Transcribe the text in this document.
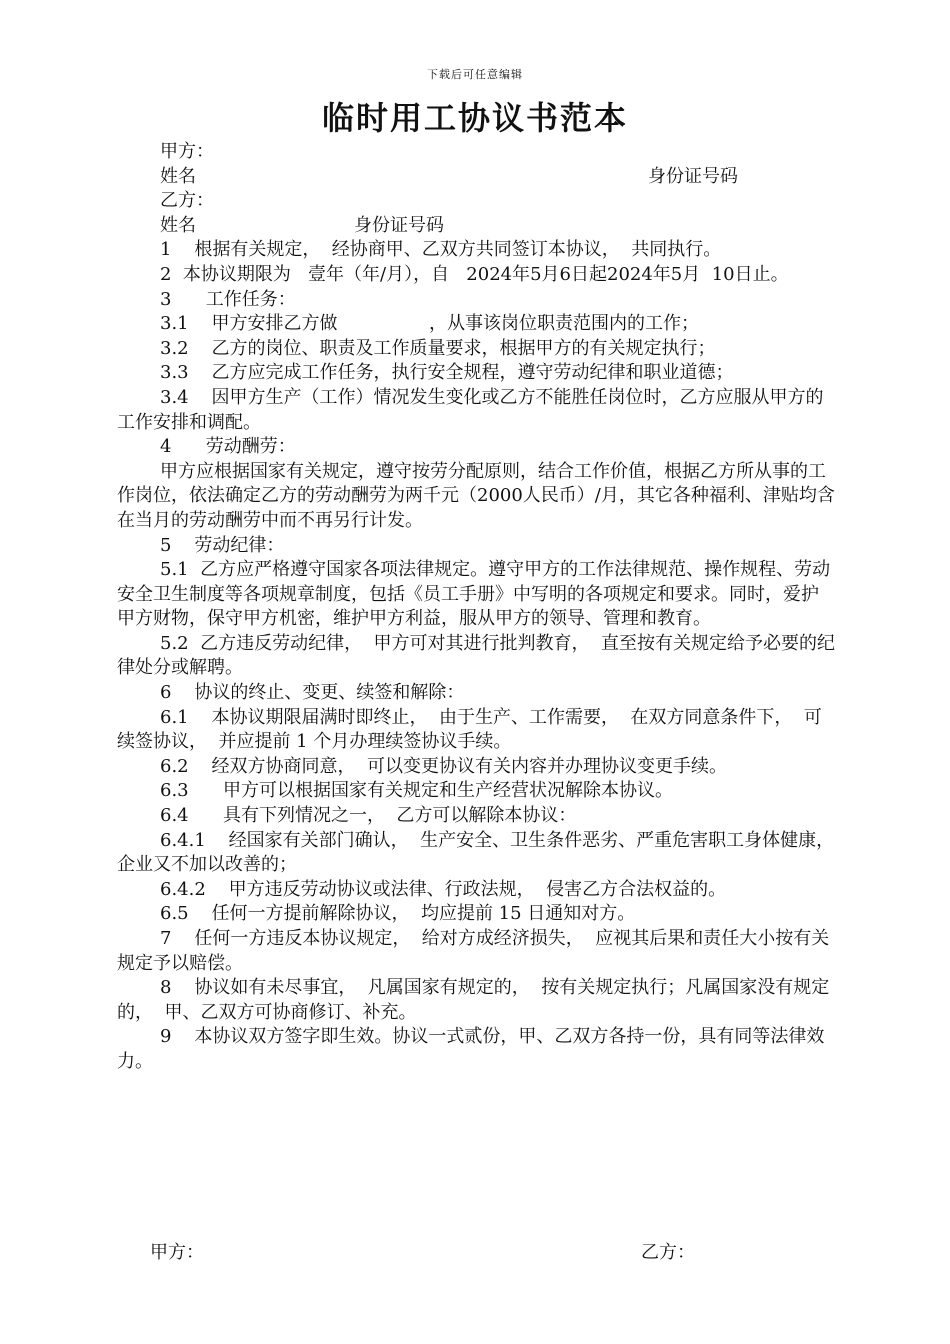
下载后可任意编辑
临时用工协议书范本
甲方：
姓名	身份证号码
乙方：
姓名	身份证号码
1    根据有关规定，  经协商甲、乙双方共同签订本协议，  共同执行。
2  本协议期限为   壹年（年/月），自   2024年5月6日起2024年5月  10日止。
3      工作任务：
3.1    甲方安排乙方做                ，从事该岗位职责范围内的工作；
3.2    乙方的岗位、职责及工作质量要求，根据甲方的有关规定执行；
3.3    乙方应完成工作任务，执行安全规程，遵守劳动纪律和职业道德；
3.4    因甲方生产（工作）情况发生变化或乙方不能胜任岗位时，乙方应服从甲方的工作安排和调配。
4      劳动酬劳：
甲方应根据国家有关规定，遵守按劳分配原则，结合工作价值，根据乙方所从事的工作岗位，依法确定乙方的劳动酬劳为两千元（2000人民币）/月，其它各种福利、津贴均含在当月的劳动酬劳中而不再另行计发。
5    劳动纪律：
5.1  乙方应严格遵守国家各项法律规定。遵守甲方的工作法律规范、操作规程、劳动安全卫生制度等各项规章制度，包括《员工手册》中写明的各项规定和要求。同时，爱护甲方财物，保守甲方机密，维护甲方利益，服从甲方的领导、管理和教育。
5.2  乙方违反劳动纪律，  甲方可对其进行批判教育，  直至按有关规定给予必要的纪律处分或解聘。
6    协议的终止、变更、续签和解除：
6.1    本协议期限届满时即终止，  由于生产、工作需要，  在双方同意条件下，  可续签协议，  并应提前 1 个月办理续签协议手续。
6.2    经双方协商同意，  可以变更协议有关内容并办理协议变更手续。
6.3      甲方可以根据国家有关规定和生产经营状况解除本协议。
6.4      具有下列情况之一，  乙方可以解除本协议：
6.4.1    经国家有关部门确认，  生产安全、卫生条件恶劣、严重危害职工身体健康，  企业又不加以改善的；
6.4.2    甲方违反劳动协议或法律、行政法规，  侵害乙方合法权益的。
6.5    任何一方提前解除协议，  均应提前 15 日通知对方。
7    任何一方违反本协议规定，  给对方成经济损失，  应视其后果和责任大小按有关规定予以赔偿。
8    协议如有未尽事宜，  凡属国家有规定的，  按有关规定执行；凡属国家没有规定的，  甲、乙双方可协商修订、补充。
9    本协议双方签字即生效。协议一式贰份，甲、乙双方各持一份，具有同等法律效力。
甲方：	乙方：
